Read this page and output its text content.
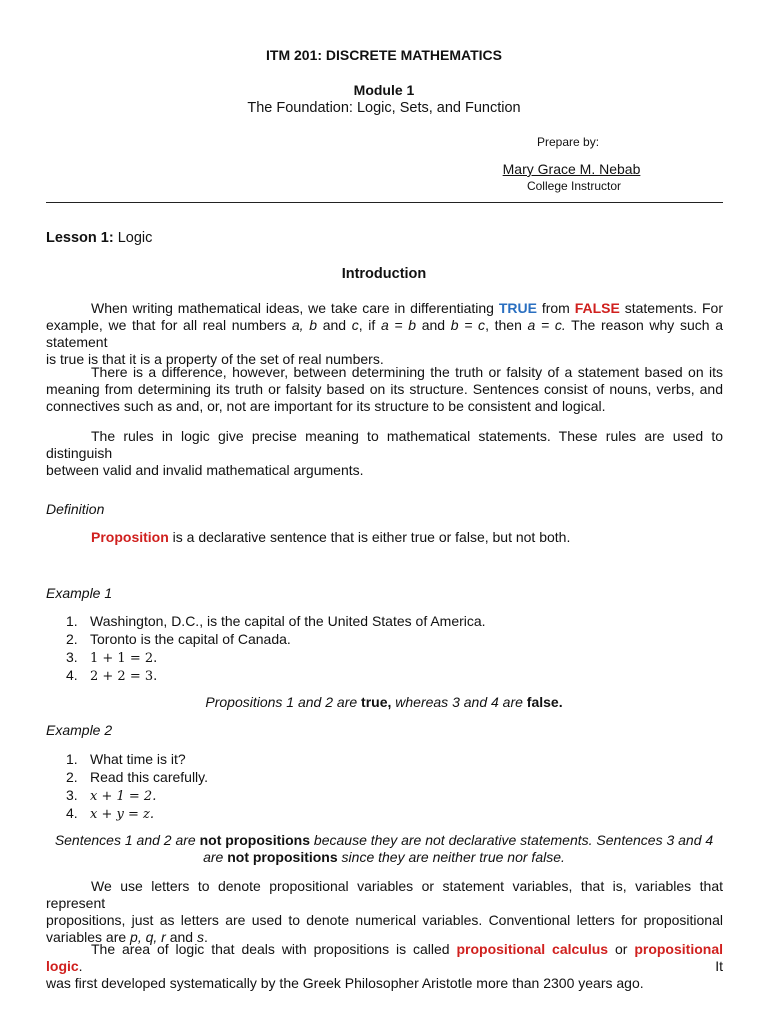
ITM 201: DISCRETE MATHEMATICS
Module 1
The Foundation: Logic, Sets, and Function
Prepare by:
Mary Grace M. Nebab
College Instructor
Lesson 1: Logic
Introduction
When writing mathematical ideas, we take care in differentiating TRUE from FALSE statements. For
example, we that for all real numbers a, b and c, if a = b and b = c, then a = c. The reason why such a statement
is true is that it is a property of the set of real numbers.
There is a difference, however, between determining the truth or falsity of a statement based on its
meaning from determining its truth or falsity based on its structure. Sentences consist of nouns, verbs, and
connectives such as and, or, not are important for its structure to be consistent and logical.
The rules in logic give precise meaning to mathematical statements. These rules are used to distinguish
between valid and invalid mathematical arguments.
Definition
Proposition is a declarative sentence that is either true or false, but not both.
Example 1
1. Washington, D.C., is the capital of the United States of America.
2. Toronto is the capital of Canada.
3. 1 + 1 = 2.
4. 2 + 2 = 3.
Propositions 1 and 2 are true, whereas 3 and 4 are false.
Example 2
1. What time is it?
2. Read this carefully.
3. x + 1 = 2.
4. x + y = z.
Sentences 1 and 2 are not propositions because they are not declarative statements. Sentences 3 and 4
are not propositions since they are neither true nor false.
We use letters to denote propositional variables or statement variables, that is, variables that represent
propositions, just as letters are used to denote numerical variables. Conventional letters for propositional
variables are p, q, r and s.
The area of logic that deals with propositions is called propositional calculus or propositional logic. It
was first developed systematically by the Greek Philosopher Aristotle more than 2300 years ago.
